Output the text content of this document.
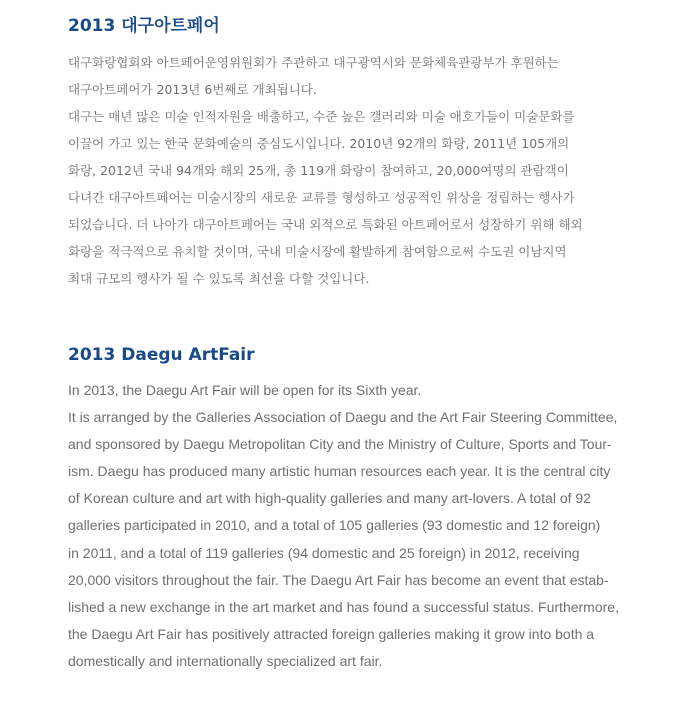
2013 대구아트페어
대구화랑협회와 아트페어운영위원회가 주관하고 대구광역시와 문화체육관광부가 후원하는
대구아트페어가 2013년 6번째로 개최됩니다.
대구는 매년 많은 미술 인적자원을 배출하고, 수준 높은 갤러리와 미술 애호가들이 미술문화를
이끌어 가고 있는 한국 문화예술의 중심도시입니다. 2010년 92개의 화랑, 2011년 105개의
화랑, 2012년 국내 94개와 해외 25개, 총 119개 화랑이 참여하고, 20,000여명의 관람객이
다녀간 대구아트페어는 미술시장의 새로운 교류를 형성하고 성공적인 위상을 정립하는 행사가
되었습니다. 더 나아가 대구아트페어는 국내 외적으로 특화된 아트페어로서 성장하기 위해 해외
화랑을 적극적으로 유치할 것이며, 국내 미술시장에 활발하게 참여함으로써 수도권 이남지역
최대 규모의 행사가 될 수 있도록 최선을 다할 것입니다.
2013 Daegu ArtFair
In 2013, the Daegu Art Fair will be open for its Sixth year.
It is arranged by the Galleries Association of Daegu and the Art Fair Steering Committee,
and sponsored by Daegu Metropolitan City and the Ministry of Culture, Sports and Tour-
ism. Daegu has produced many artistic human resources each year. It is the central city
of Korean culture and art with high-quality galleries and many art-lovers. A total of 92
galleries participated in 2010, and a total of 105 galleries (93 domestic and 12 foreign)
in 2011, and a total of 119 galleries (94 domestic and 25 foreign) in 2012, receiving
20,000 visitors throughout the fair. The Daegu Art Fair has become an event that estab-
lished a new exchange in the art market and has found a successful status. Furthermore,
the Daegu Art Fair has positively attracted foreign galleries making it grow into both a
domestically and internationally specialized art fair.
